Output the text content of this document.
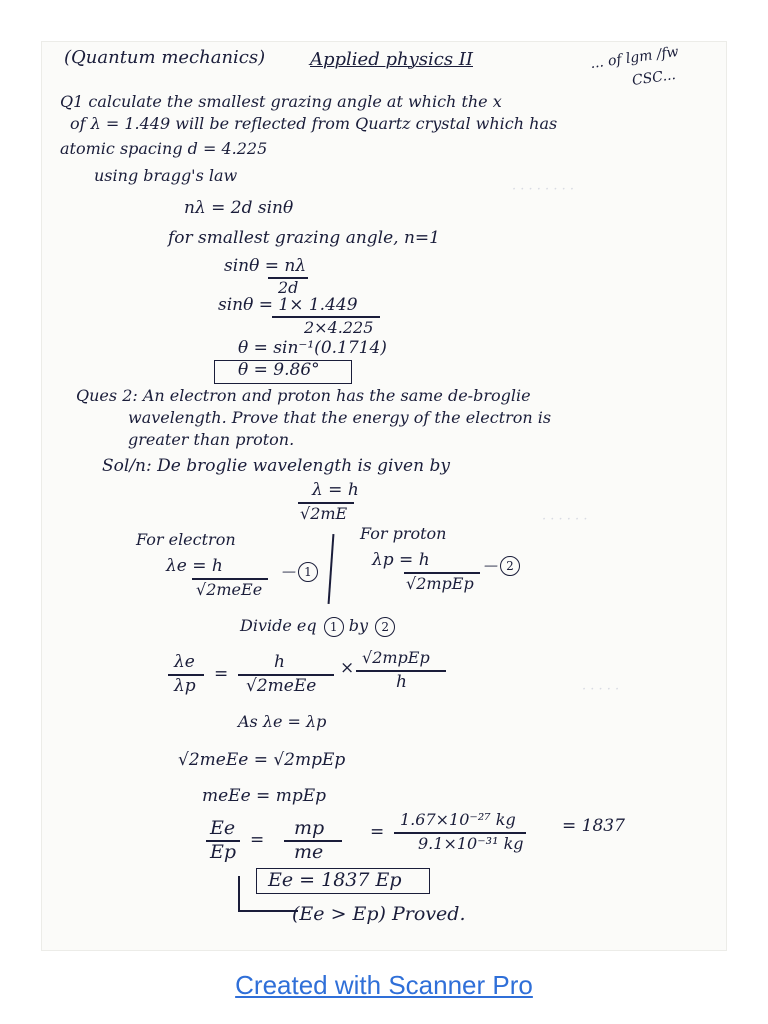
· · · · · · · ·
· · · · · ·
· · · · ·
(Quantum mechanics) Applied physics II	... of lgm /fw
CSC...
Q1 calculate the smallest grazing angle at which the x
of λ = 1.449 will be reflected from Quartz crystal which has
atomic spacing d = 4.225
using bragg's law
nλ = 2d sinθ
for smallest grazing angle, n=1
sinθ = nλ
2d
sinθ = 1× 1.449
2×4.225
θ = sin⁻¹(0.1714)
θ = 9.86°
Ques 2: An electron and proton has the same de-broglie
wavelength. Prove that the energy of the electron is
greater than proton.
Sol/n: De broglie wavelength is given by
λ = h
√2mE
For electron
λe = h
√2meEe
— 1
For proton
λp = h
√2mpEp
— 2
Divide eq 1 by 2
λe
λp
=
h
√2meEe
×
√2mpEp
h
As λe = λp
√2meEe = √2mpEp
meEe = mpEp
Ee
Ep
=
mp
me
=
1.67×10⁻²⁷ kg
9.1×10⁻³¹ kg
= 1837
Ee = 1837 Ep
(Ee > Ep) Proved.
Created with Scanner Pro
